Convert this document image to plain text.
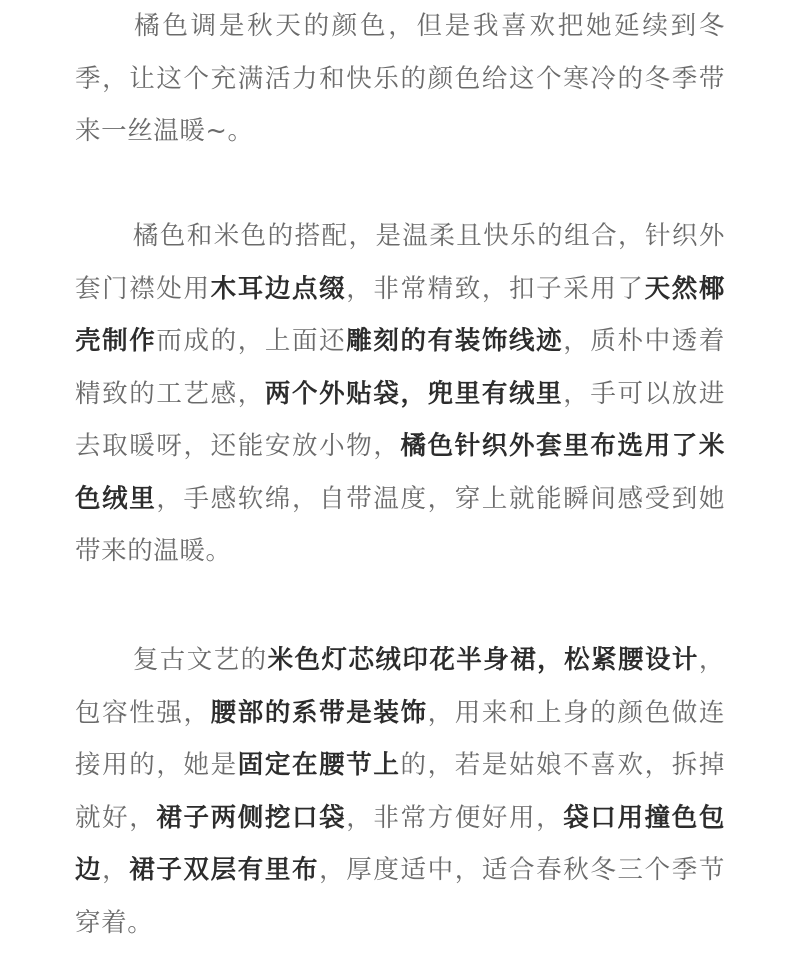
橘色调是秋天的颜色，但是我喜欢把她延续到冬季，让这个充满活力和快乐的颜色给这个寒冷的冬季带来一丝温暖~。

橘色和米色的搭配，是温柔且快乐的组合，针织外套门襟处用木耳边点缀，非常精致，扣子采用了天然椰壳制作而成的，上面还雕刻的有装饰线迹，质朴中透着精致的工艺感，两个外贴袋，兜里有绒里，手可以放进去取暖呀，还能安放小物，橘色针织外套里布选用了米色绒里，手感软绵，自带温度，穿上就能瞬间感受到她带来的温暖。

复古文艺的米色灯芯绒印花半身裙，松紧腰设计，包容性强，腰部的系带是装饰，用来和上身的颜色做连接用的，她是固定在腰节上的，若是姑娘不喜欢，拆掉就好，裙子两侧挖口袋，非常方便好用，袋口用撞色包边，裙子双层有里布，厚度适中，适合春秋冬三个季节穿着。
